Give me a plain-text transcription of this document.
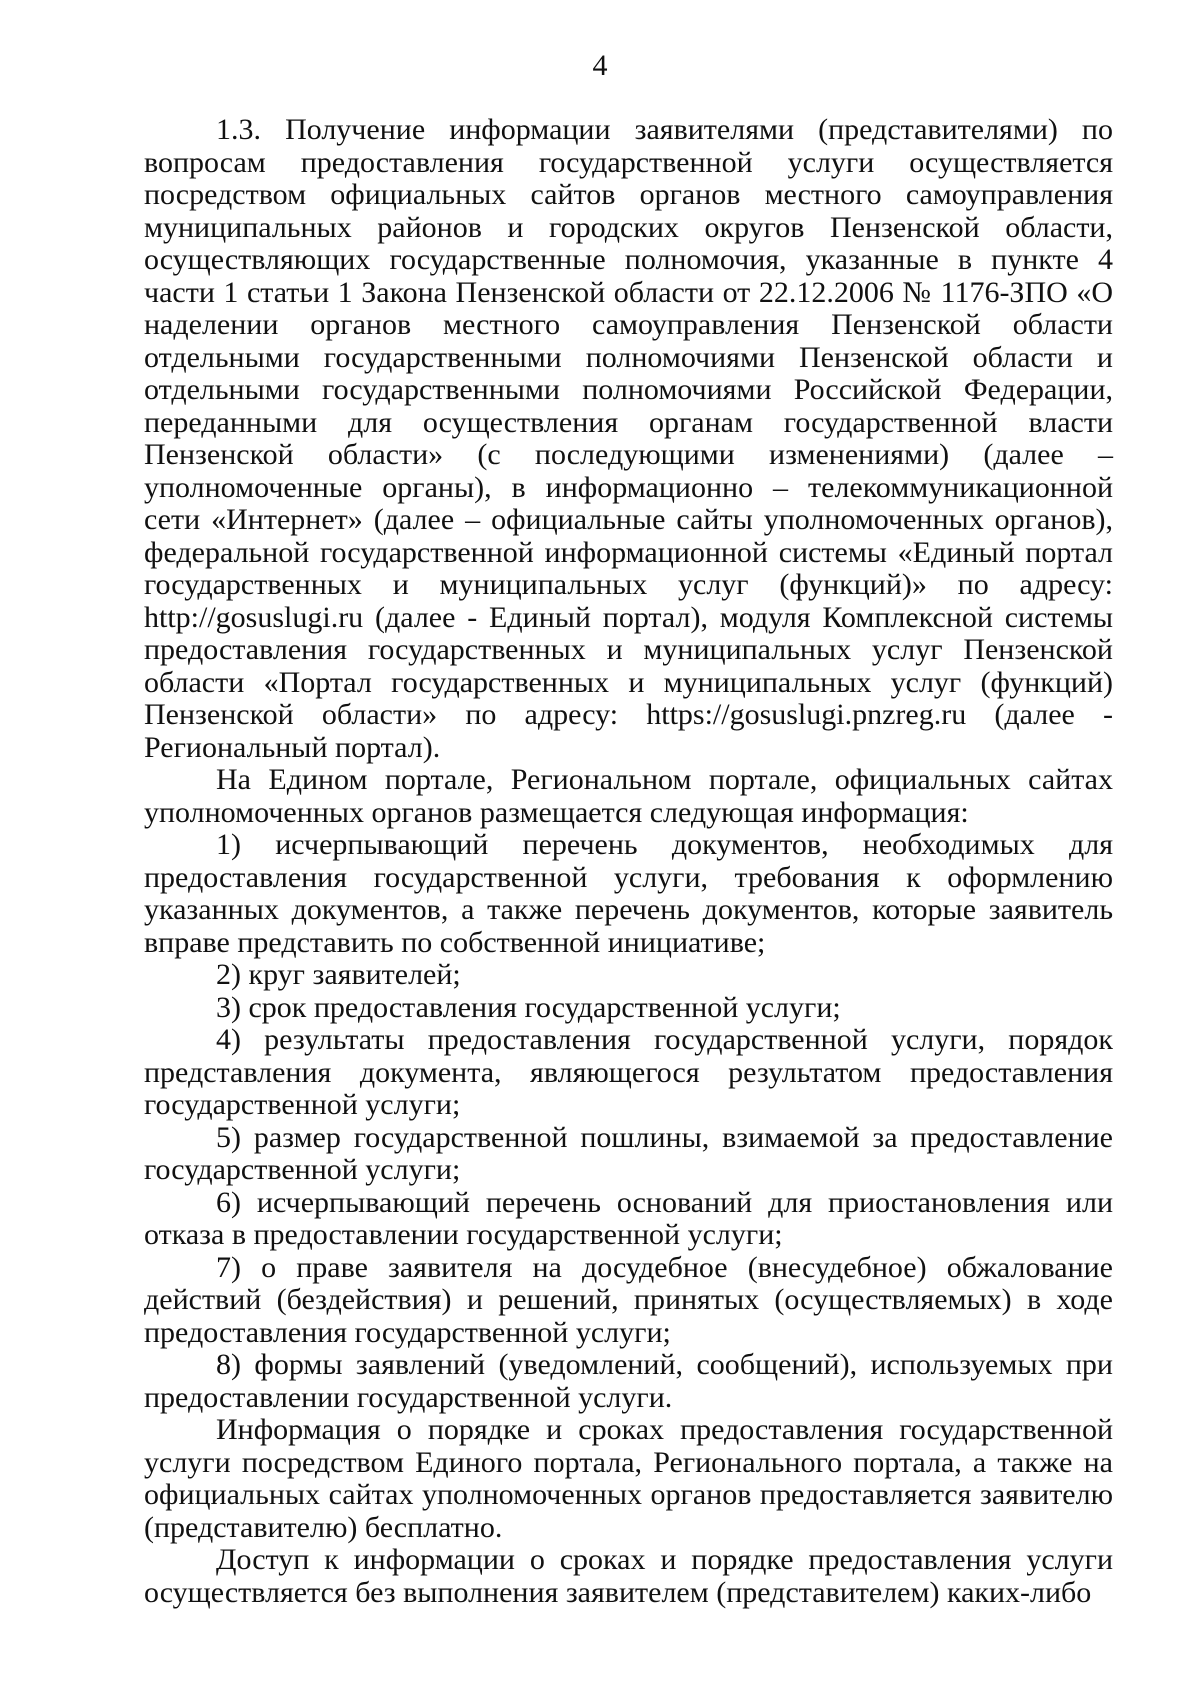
4

1.3. Получение информации заявителями (представителями) по вопросам предоставления государственной услуги осуществляется посредством официальных сайтов органов местного самоуправления муниципальных районов и городских округов Пензенской области, осуществляющих государственные полномочия, указанные в пункте 4 части 1 статьи 1 Закона Пензенской области от 22.12.2006 № 1176-ЗПО «О наделении органов местного самоуправления Пензенской области отдельными государственными полномочиями Пензенской области и отдельными государственными полномочиями Российской Федерации, переданными для осуществления органам государственной власти Пензенской области» (с последующими изменениями) (далее – уполномоченные органы), в информационно – телекоммуникационной сети «Интернет» (далее – официальные сайты уполномоченных органов), федеральной государственной информационной системы «Единый портал государственных и муниципальных услуг (функций)» по адресу: http://gosuslugi.ru (далее - Единый портал), модуля Комплексной системы предоставления государственных и муниципальных услуг Пензенской области «Портал государственных и муниципальных услуг (функций) Пензенской области» по адресу: https://gosuslugi.pnzreg.ru (далее - Региональный портал).

На Едином портале, Региональном портале, официальных сайтах уполномоченных органов размещается следующая информация:

1) исчерпывающий перечень документов, необходимых для предоставления государственной услуги, требования к оформлению указанных документов, а также перечень документов, которые заявитель вправе представить по собственной инициативе;

2) круг заявителей;

3) срок предоставления государственной услуги;

4) результаты предоставления государственной услуги, порядок представления документа, являющегося результатом предоставления государственной услуги;

5) размер государственной пошлины, взимаемой за предоставление государственной услуги;

6) исчерпывающий перечень оснований для приостановления или отказа в предоставлении государственной услуги;

7) о праве заявителя на досудебное (внесудебное) обжалование действий (бездействия) и решений, принятых (осуществляемых) в ходе предоставления государственной услуги;

8) формы заявлений (уведомлений, сообщений), используемых при предоставлении государственной услуги.

Информация о порядке и сроках предоставления государственной услуги посредством Единого портала, Регионального портала, а также на официальных сайтах уполномоченных органов предоставляется заявителю (представителю) бесплатно.

Доступ к информации о сроках и порядке предоставления услуги осуществляется без выполнения заявителем (представителем) каких-либо
